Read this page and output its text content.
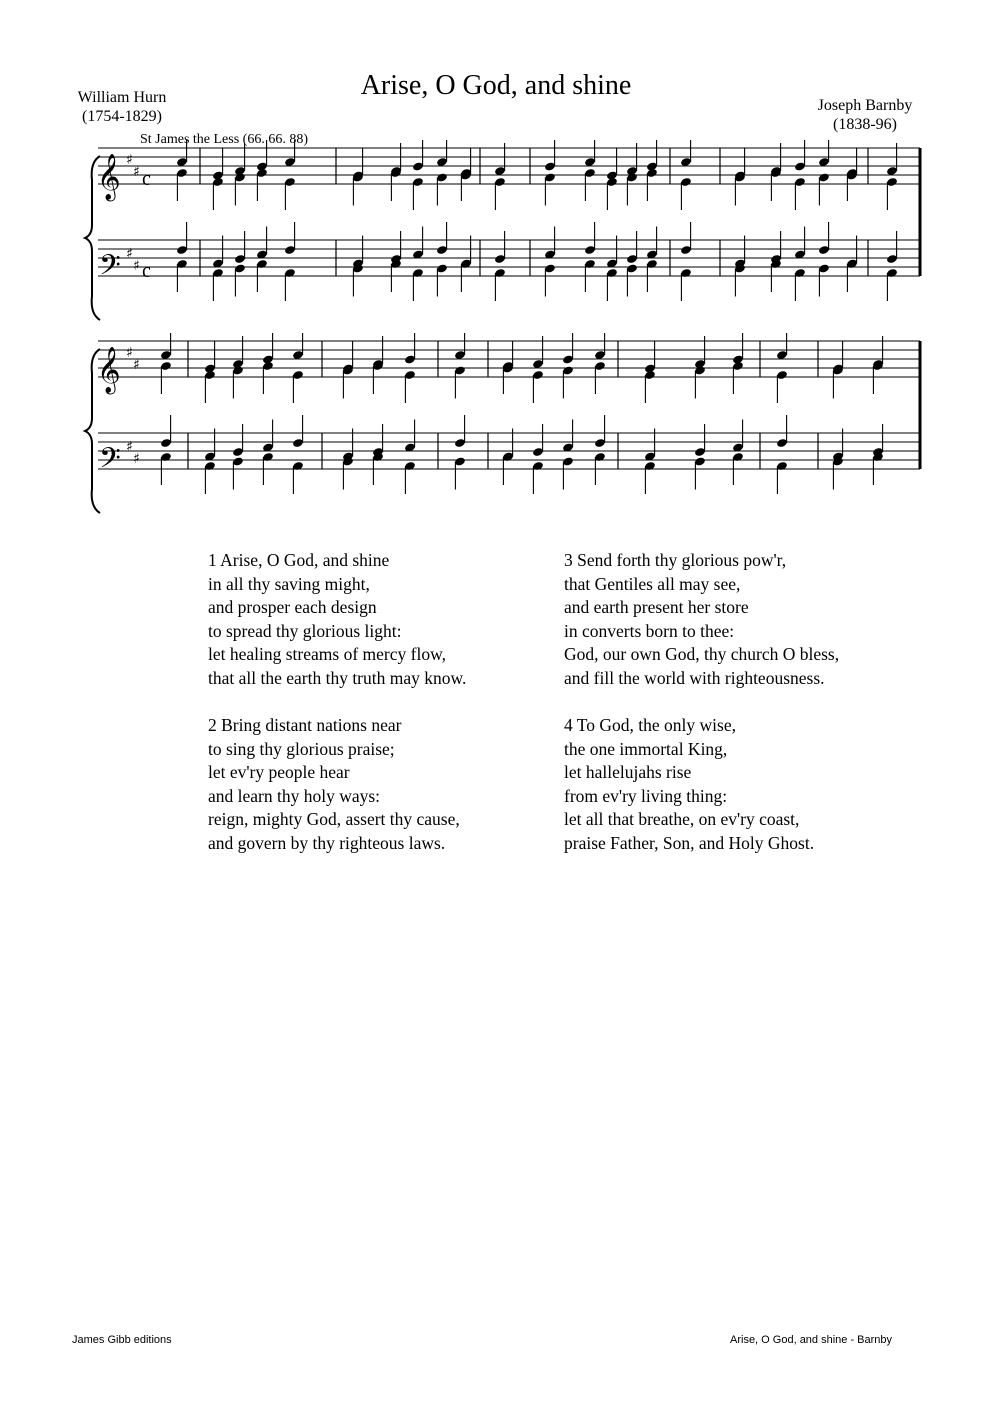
Arise, O God, and shine
William Hurn
(1754-1829)
Joseph Barnby
(1838-96)
St James the Less (66. 66. 88)
𝄞
𝄢
♯
♯
♯
♯
c
c
𝄞
𝄢
♯
♯
♯
♯
1 Arise, O God, and shine
in all thy saving might,
and prosper each design
to spread thy glorious light:
let healing streams of mercy flow,
that all the earth thy truth may know.
2 Bring distant nations near
to sing thy glorious praise;
let ev'ry people hear
and learn thy holy ways:
reign, mighty God, assert thy cause,
and govern by thy righteous laws.
3 Send forth thy glorious pow'r,
that Gentiles all may see,
and earth present her store
in converts born to thee:
God, our own God, thy church O bless,
and fill the world with righteousness.
4 To God, the only wise,
the one immortal King,
let hallelujahs rise
from ev'ry living thing:
let all that breathe, on ev'ry coast,
praise Father, Son, and Holy Ghost.
James Gibb editions	Arise, O God, and shine - Barnby
